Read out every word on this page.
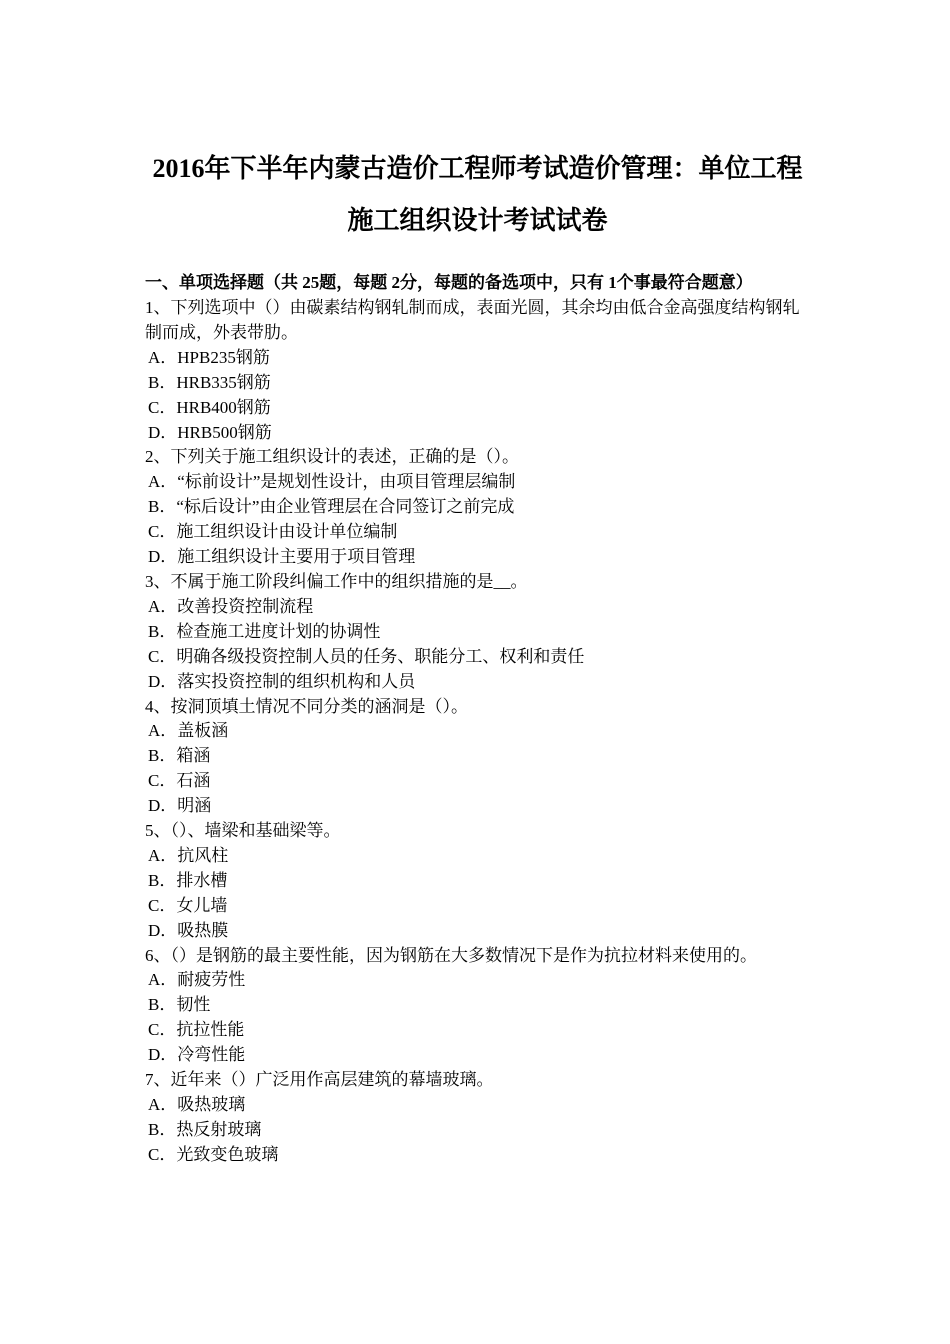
2016年下半年内蒙古造价工程师考试造价管理：单位工程
施工组织设计考试试卷
一、单项选择题（共 25题，每题 2分，每题的备选项中，只有 1个事最符合题意）

1、下列选项中（）由碳素结构钢轧制而成，表面光圆，其余均由低合金高强度结构钢轧制而成，外表带肋。

A．HPB235钢筋

B．HRB335钢筋

C．HRB400钢筋

D．HRB500钢筋

2、下列关于施工组织设计的表述，正确的是（）。

A．“标前设计”是规划性设计，由项目管理层编制

B．“标后设计”由企业管理层在合同签订之前完成

C．施工组织设计由设计单位编制

D．施工组织设计主要用于项目管理

3、不属于施工阶段纠偏工作中的组织措施的是__。

A．改善投资控制流程

B．检查施工进度计划的协调性

C．明确各级投资控制人员的任务、职能分工、权利和责任

D．落实投资控制的组织机构和人员

4、按洞顶填土情况不同分类的涵洞是（）。

A．盖板涵

B．箱涵

C．石涵

D．明涵

5、（）、墙梁和基础梁等。

A．抗风柱

B．排水槽

C．女儿墙

D．吸热膜

6、（）是钢筋的最主要性能，因为钢筋在大多数情况下是作为抗拉材料来使用的。

A．耐疲劳性

B．韧性

C．抗拉性能

D．冷弯性能

7、近年来（）广泛用作高层建筑的幕墙玻璃。

A．吸热玻璃

B．热反射玻璃

C．光致变色玻璃
